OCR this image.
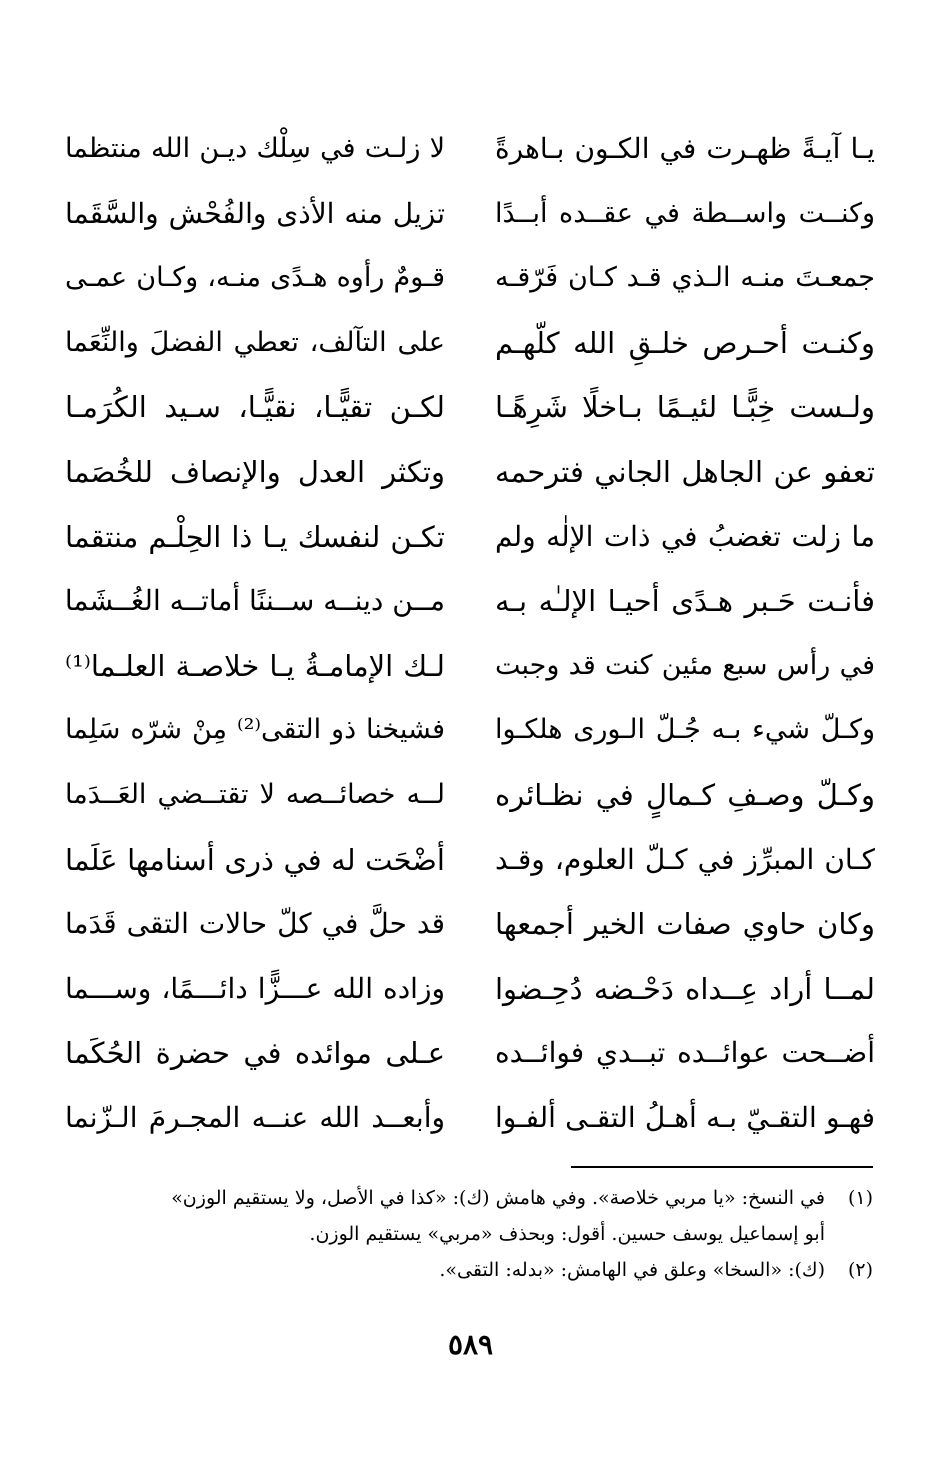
يـا آيـةً ظهـرت في الكـون بـاهرةً
لا زلـت في سِلْك ديـن الله منتظما
وكنــت واســطة في عقــده أبــدًا
تزيل منه الأذى والفُحْش والسَّقَما
جمعـتَ منـه الـذي قـد كـان فَرّقـه
قـومٌ رأوه هـدًى منـه، وكـان عمـى
وكنـت أحـرص خلـقِ الله كلّهـم
على التآلف، تعطي الفضلَ والنِّعَما
ولـست خِبًّـا لئيـمًا بـاخلًا شَرِهًـا
لكـن تقيًّـا، نقيًّـا، سـيد الكُرَمـا
تعفو عن الجاهل الجاني فترحمه
وتكثر العدل والإنصاف للخُصَما
ما زلت تغضبُ في ذات الإلٰه ولم
تكـن لنفسك يـا ذا الحِلْـم منتقما
فأنـت حَـبر هـدًى أحيـا الإلـٰه بـه
مــن دينــه ســننًا أماتــه الغُــشَما
في رأس سبع مئين كنت قد وجبت
لـك الإمامـةُ يـا خلاصـة العلـما⁽¹⁾
وكـلّ شيء بـه جُـلّ الـورى هلكـوا
فشيخنا ذو التقى⁽²⁾ مِنْ شرّه سَلِما
وكـلّ وصـفِ كـمالٍ في نظـائره
لــه خصائــصه لا تقتــضي العَــدَما
كـان المبرِّز في كـلّ العلوم، وقـد
أضْحَت له في ذرى أسنامها عَلَما
وكان حاوي صفات الخير أجمعها
قد حلَّ في كلّ حالات التقى قَدَما
لمــا أراد عِــداه دَحْـضه دُحِـضوا
وزاده الله عـــزًّا دائـــمًا، وســـما
أضــحت عوائــده تبــدي فوائــده
عـلى موائده في حضرة الحُكَما
فهـو التقـيّ بـه أهـلُ التقـى ألفـوا
وأبعــد الله عنــه المجـرمَ الـزّنما
(١)في النسخ: «يا مربي خلاصة». وفي هامش (ك): «كذا في الأصل، ولا يستقيم الوزن»
أبو إسماعيل يوسف حسين. أقول: وبحذف «مربي» يستقيم الوزن.
(٢)(ك): «السخا» وعلق في الهامش: «بدله: التقى».
٥٨٩
